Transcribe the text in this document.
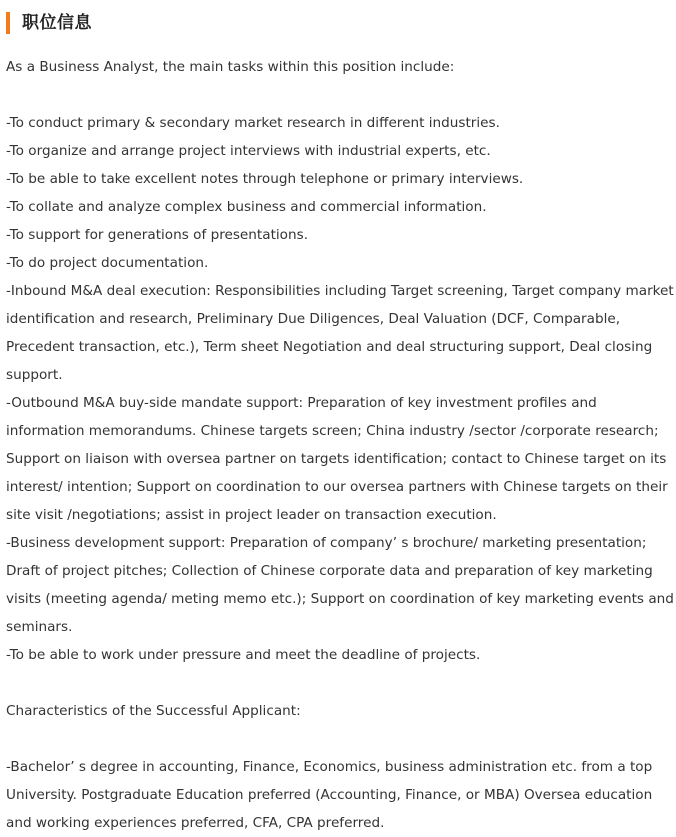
职位信息
As a Business Analyst, the main tasks within this position include:
-To conduct primary & secondary market research in different industries.
-To organize and arrange project interviews with industrial experts, etc.
-To be able to take excellent notes through telephone or primary interviews.
-To collate and analyze complex business and commercial information.
-To support for generations of presentations.
-To do project documentation.
-Inbound M&A deal execution: Responsibilities including Target screening, Target company market
identification and research, Preliminary Due Diligences, Deal Valuation (DCF, Comparable,
Precedent transaction, etc.), Term sheet Negotiation and deal structuring support, Deal closing
support.
-Outbound M&A buy-side mandate support: Preparation of key investment profiles and
information memorandums. Chinese targets screen; China industry /sector /corporate research;
Support on liaison with oversea partner on targets identification; contact to Chinese target on its
interest/ intention; Support on coordination to our oversea partners with Chinese targets on their
site visit /negotiations; assist in project leader on transaction execution.
-Business development support: Preparation of company’ s brochure/ marketing presentation;
Draft of project pitches; Collection of Chinese corporate data and preparation of key marketing
visits (meeting agenda/ meting memo etc.); Support on coordination of key marketing events and
seminars.
-To be able to work under pressure and meet the deadline of projects.
Characteristics of the Successful Applicant:
-Bachelor’ s degree in accounting, Finance, Economics, business administration etc. from a top
University. Postgraduate Education preferred (Accounting, Finance, or MBA) Oversea education
and working experiences preferred, CFA, CPA preferred.
